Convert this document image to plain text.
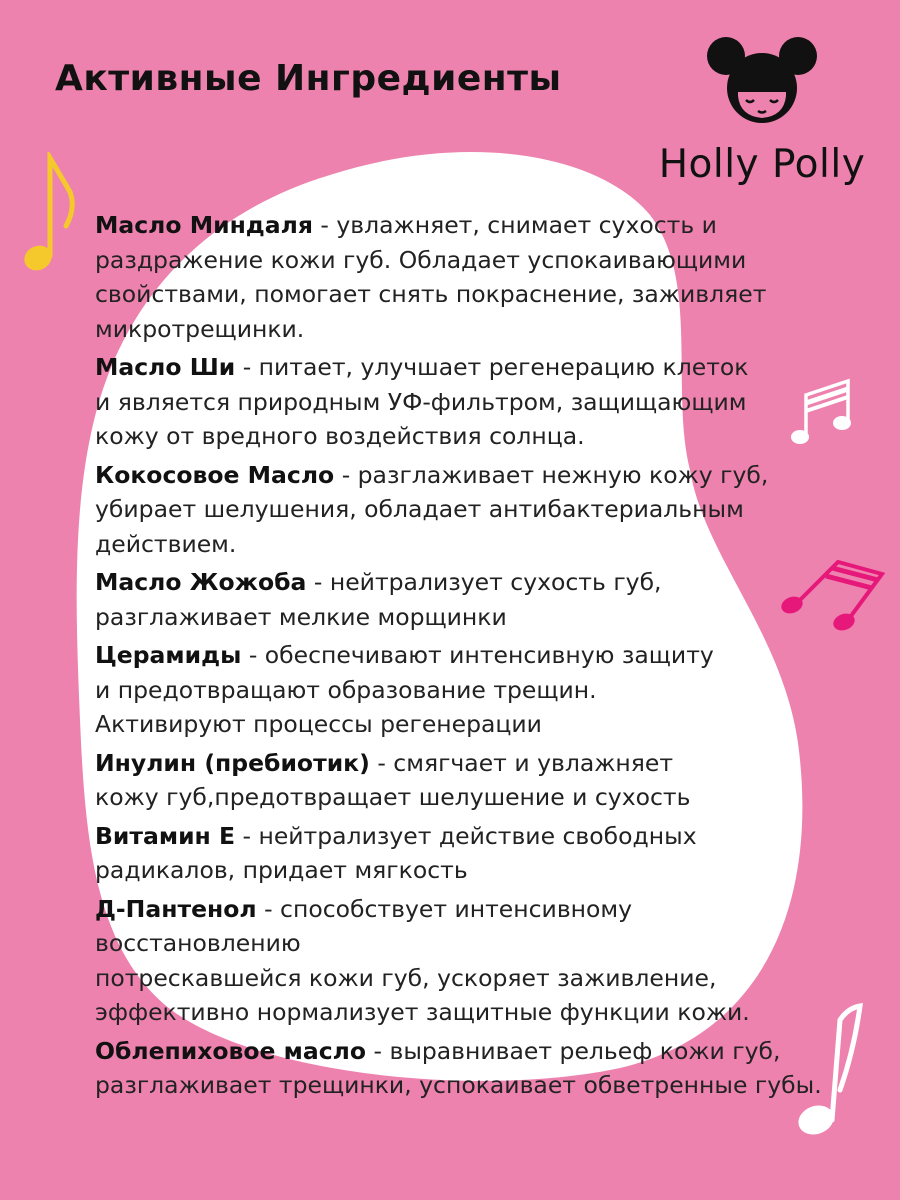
Активные Ингредиенты
Holly Polly
Масло Миндаля - увлажняет, снимает сухость и
раздражение кожи губ. Обладает успокаивающими
свойствами, помогает снять покраснение, заживляет
микротрещинки.
Масло Ши - питает, улучшает регенерацию клеток
и является природным УФ-фильтром, защищающим
кожу от вредного воздействия солнца.
Кокосовое Масло - разглаживает нежную кожу губ,
убирает шелушения, обладает антибактериальным действием.
Масло Жожоба - нейтрализует сухость губ,
разглаживает мелкие морщинки
Церамиды - обеспечивают интенсивную защиту
и предотвращают образование трещин.
Активируют процессы регенерации
Инулин (пребиотик) - смягчает и увлажняет
кожу губ,предотвращает шелушение и сухость
Витамин Е - нейтрализует действие свободных
радикалов, придает мягкость
Д-Пантенол - способствует интенсивному восстановлению
потрескавшейся кожи губ, ускоряет заживление,
эффективно нормализует защитные функции кожи.
Облепиховое масло - выравнивает рельеф кожи губ,
разглаживает трещинки, успокаивает обветренные губы.
